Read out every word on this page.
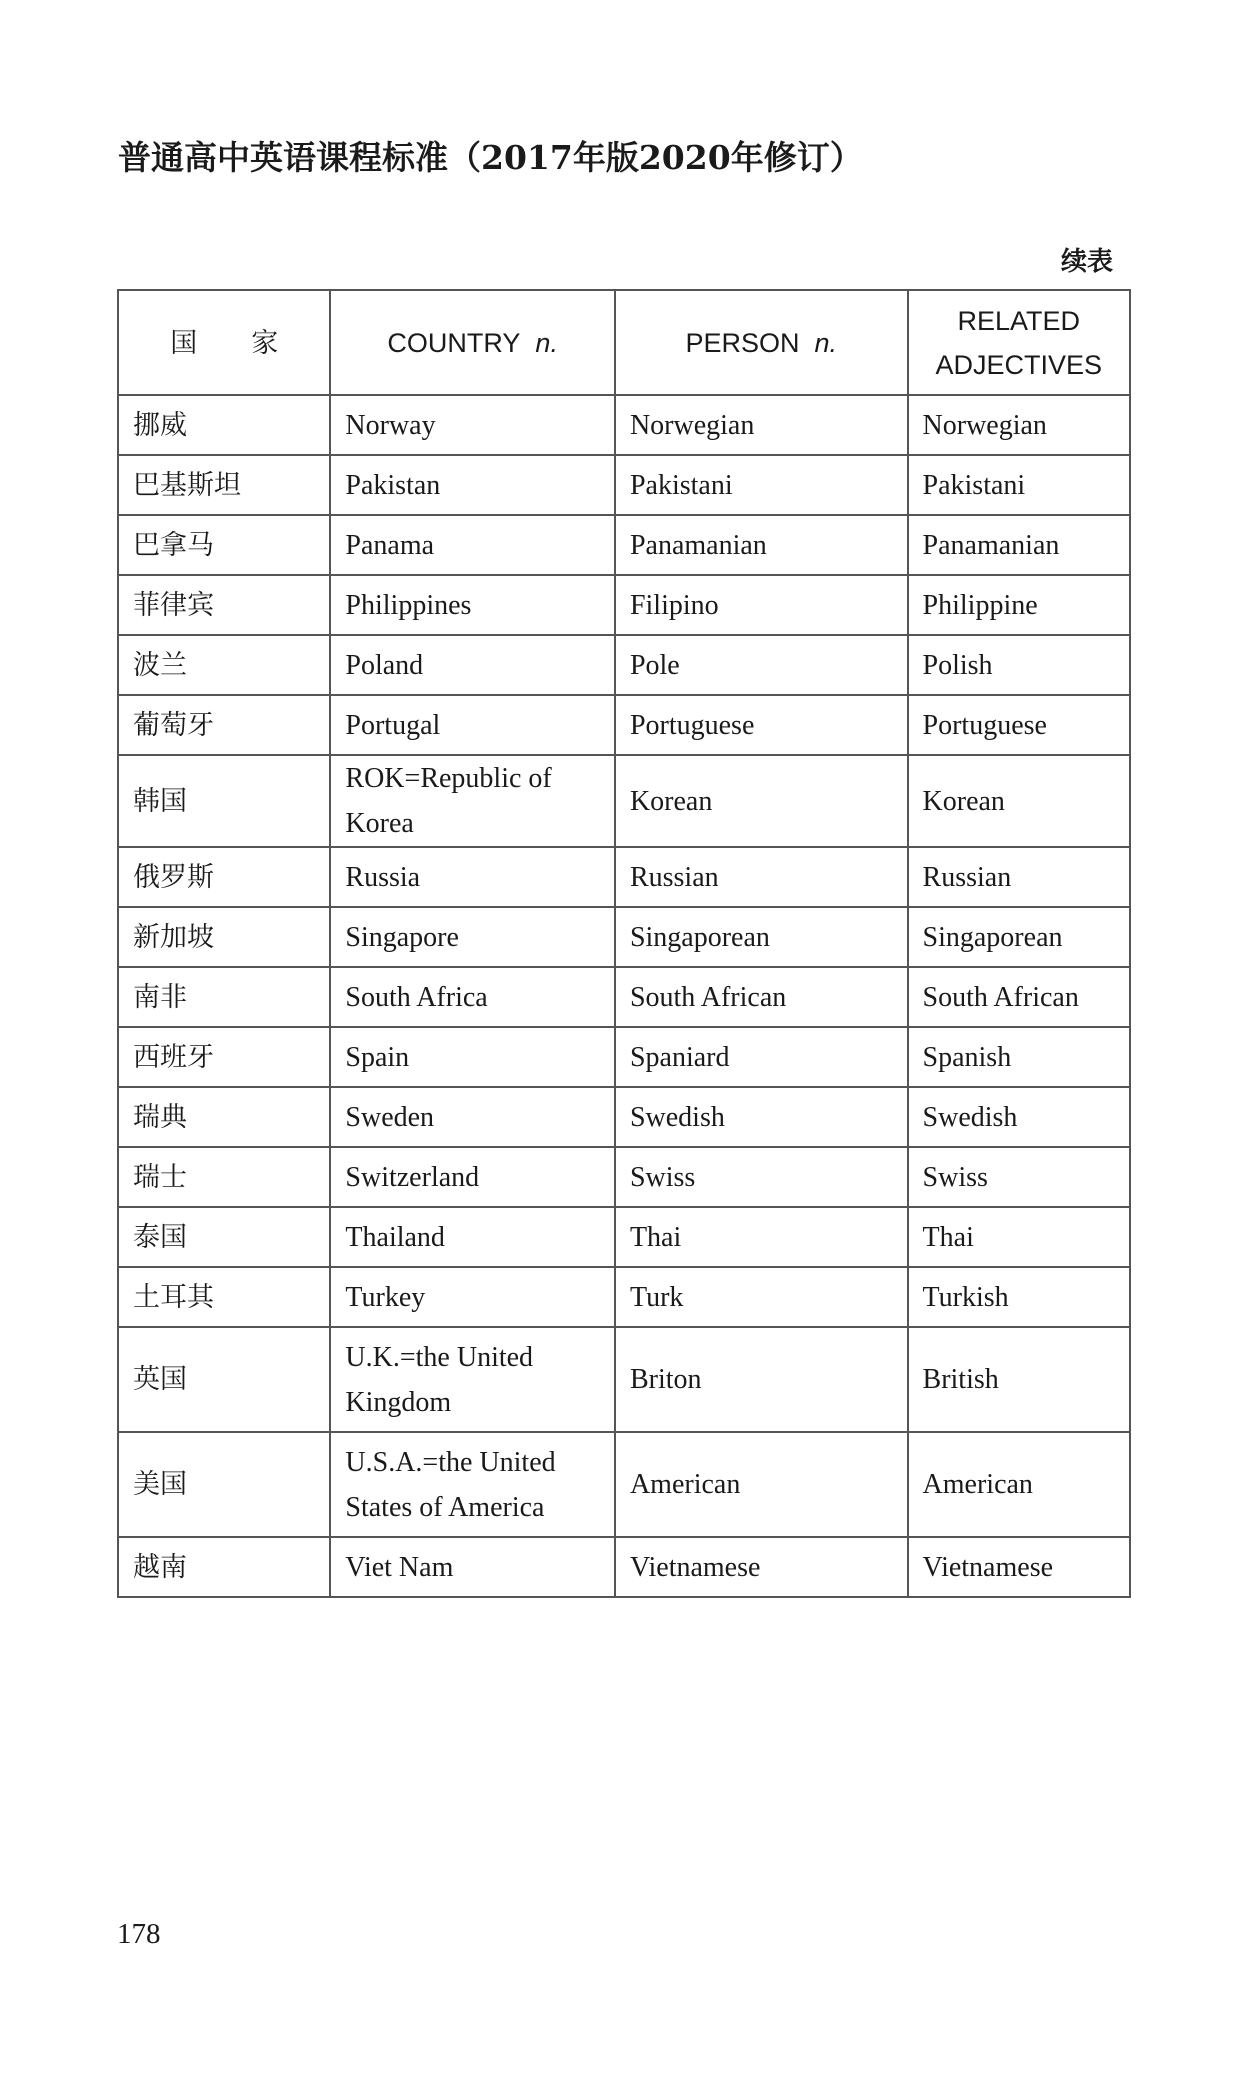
普通高中英语课程标准（2017年版2020年修订）
续表
国　　家	COUNTRY n.	PERSON n.	RELATED
ADJECTIVES
挪威	Norway	Norwegian	Norwegian
巴基斯坦	Pakistan	Pakistani	Pakistani
巴拿马	Panama	Panamanian	Panamanian
菲律宾	Philippines	Filipino	Philippine
波兰	Poland	Pole	Polish
葡萄牙	Portugal	Portuguese	Portuguese
韩国	ROK=Republic of Korea	Korean	Korean
俄罗斯	Russia	Russian	Russian
新加坡	Singapore	Singaporean	Singaporean
南非	South Africa	South African	South African
西班牙	Spain	Spaniard	Spanish
瑞典	Sweden	Swedish	Swedish
瑞士	Switzerland	Swiss	Swiss
泰国	Thailand	Thai	Thai
土耳其	Turkey	Turk	Turkish
英国	U.K.=the United Kingdom	Briton	British
美国	U.S.A.=the United States of America	American	American
越南	Viet Nam	Vietnamese	Vietnamese
178
